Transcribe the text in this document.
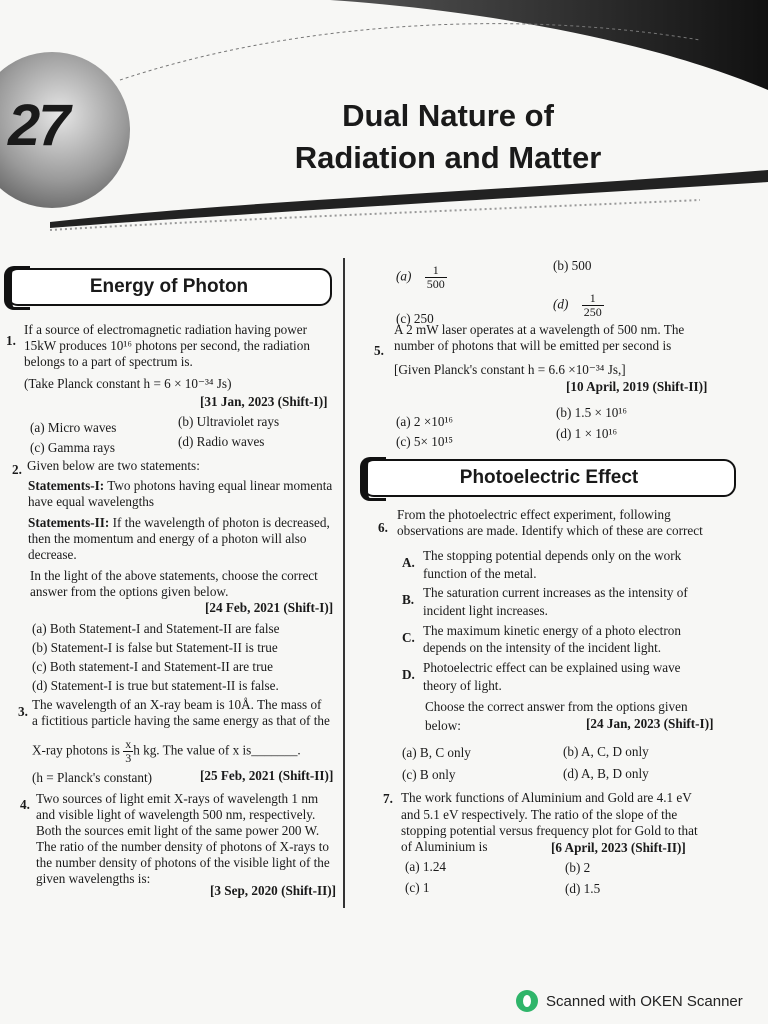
27	Dual Nature of
Radiation and Matter
Energy of Photon
1.
If a source of electromagnetic radiation having power
15kW produces 10¹⁶ photons per second, the radiation
belongs to a part of spectrum is.
(Take Planck constant h = 6 × 10⁻³⁴ Js)
[31 Jan, 2023 (Shift-I)]
(a) Micro waves	(b) Ultraviolet rays
(c) Gamma rays	(d) Radio waves
2. Given below are two statements:
Statements-I: Two photons having equal linear momenta
have equal wavelengths
Statements-II: If the wavelength of photon is decreased,
then the momentum and energy of a photon will also
decrease.
In the light of the above statements, choose the correct
answer from the options given below.
[24 Feb, 2021 (Shift-I)]
(a) Both Statement-I and Statement-II are false
(b) Statement-I is false but Statement-II is true
(c) Both statement-I and Statement-II are true
(d) Statement-I is true but statement-II is false.
3. The wavelength of an X-ray beam is 10Å. The mass of
a fictitious particle having the same energy as that of the
X-ray photons is $\frac{x}{3}$ h kg. The value of x is_______.
(h = Planck's constant)	[25 Feb, 2021 (Shift-II)]
4. Two sources of light emit X-rays of wavelength 1 nm
and visible light of wavelength 500 nm, respectively.
Both the sources emit light of the same power 200 W.
The ratio of the number density of photons of X-rays to
the number density of photons of the visible light of the
given wavelengths is:
[3 Sep, 2020 (Shift-II)]
$(a) \frac{1}{500}$	(b) 500
(c) 250
$(d) \frac{1}{250}$
5.
A 2 mW laser operates at a wavelength of 500 nm. The
number of photons that will be emitted per second is
[Given Planck's constant h = 6.6 ×10⁻³⁴ Js,]
[10 April, 2019 (Shift-II)]
(a) 2 ×10¹⁶
(b) 1.5 × 10¹⁶
(c) 5× 10¹⁵
(d) 1 × 10¹⁶
Photoelectric Effect
6.
From the photoelectric effect experiment, following
observations are made. Identify which of these are correct
A. The stopping potential depends only on the work
function of the metal.
B. The saturation current increases as the intensity of
incident light increases.
C. The maximum kinetic energy of a photo electron
depends on the intensity of the incident light.
D. Photoelectric effect can be explained using wave
theory of light.
Choose the correct answer from the options given
below:	[24 Jan, 2023 (Shift-I)]
(a) B, C only	(b) A, C, D only
(c) B only	(d) A, B, D only
7. The work functions of Aluminium and Gold are 4.1 eV
and 5.1 eV respectively. The ratio of the slope of the
stopping potential versus frequency plot for Gold to that
of Aluminium is	[6 April, 2023 (Shift-II)]
(a) 1.24	(b) 2
(c) 1	(d) 1.5
Scanned with OKEN Scanner
